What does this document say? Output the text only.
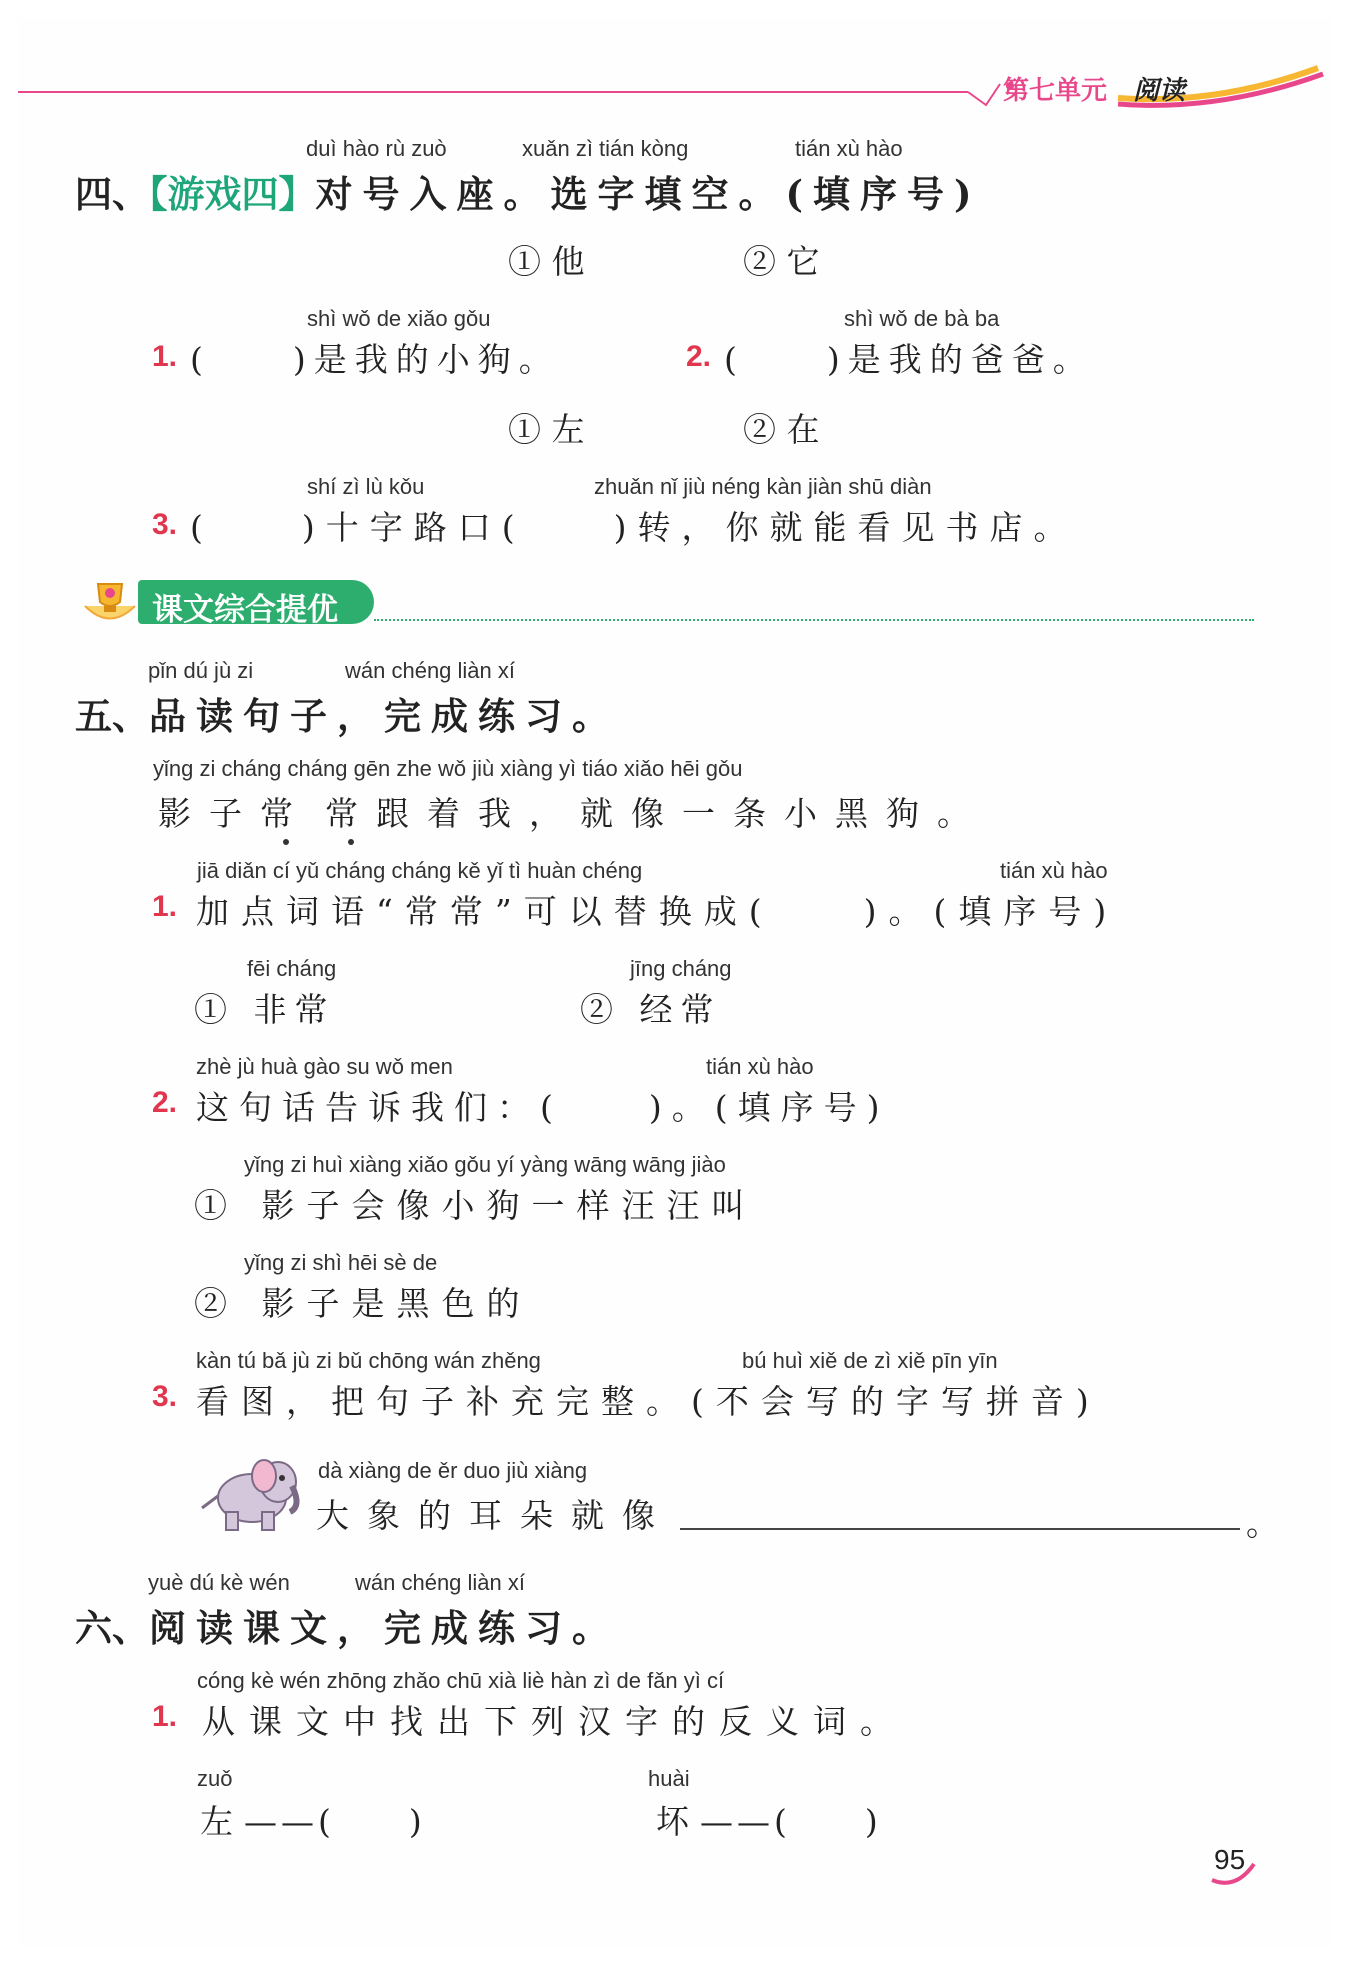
第七单元 阅读
duì hào rù zuò	xuǎn zì tián kòng	tián xù hào
四、【游戏四】对号入座。选字填空。(填序号)
① 他	② 它
shì wǒ de xiǎo gǒu
1. (　　)是我的小狗。
shì wǒ de bà ba
2. (　　)是我的爸爸。
① 左	② 在
shí zì lù kǒu	zhuǎn nǐ jiù néng kàn jiàn shū diàn
3. (　　)十字路口(　　)转，你就能看见书店。
课文综合提优
pǐn dú jù zi	wán chéng liàn xí
五、品读句子，完成练习。
yǐng zi cháng cháng gēn zhe wǒ jiù xiàng yì tiáo xiǎo hēi gǒu
影子常 常跟着我，就像一条小黑狗。
jiā diǎn cí yǔ cháng cháng kě yǐ tì huàn chéng	tián xù hào
1. 加点词语“常常”可以替换成(　　)。(填序号)
fēi cháng	jīng cháng
① 非常	② 经常
zhè jù huà gào su wǒ men	tián xù hào
2. 这句话告诉我们：(　　)。(填序号)
yǐng zi huì xiàng xiǎo gǒu yí yàng wāng wāng jiào
① 影子会像小狗一样汪汪叫
yǐng zi shì hēi sè de
② 影子是黑色的
kàn tú bǎ jù zi bǔ chōng wán zhěng	bú huì xiě de zì xiě pīn yīn
3. 看图，把句子补充完整。(不会写的字写拼音)
dà xiàng de ěr duo jiù xiàng
大象的耳朵就像	。
yuè dú kè wén	wán chéng liàn xí
六、阅读课文，完成练习。
cóng kè wén zhōng zhǎo chū xià liè hàn zì de fǎn yì cí
1. 从课文中找出下列汉字的反义词。
zuǒ
左 ——(　　)
huài
坏 ——(　　)
95
